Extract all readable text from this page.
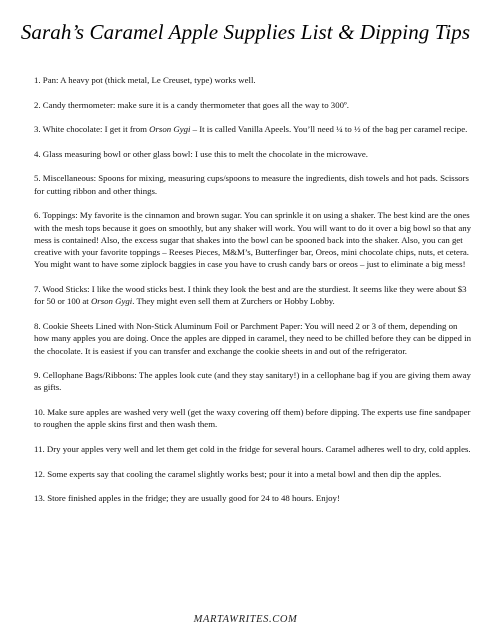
Sarah’s Caramel Apple Supplies List & Dipping Tips

1. Pan: A heavy pot (thick metal, Le Creuset, type) works well.

2. Candy thermometer: make sure it is a candy thermometer that goes all the way to 300º.

3. White chocolate: I get it from Orson Gygi – It is called Vanilla Apeels. You’ll need ¼ to ½ of the bag per caramel recipe.

4. Glass measuring bowl or other glass bowl: I use this to melt the chocolate in the microwave.

5. Miscellaneous: Spoons for mixing, measuring cups/spoons to measure the ingredients, dish towels and hot pads. Scissors for cutting ribbon and other things.

6. Toppings: My favorite is the cinnamon and brown sugar. You can sprinkle it on using a shaker. The best kind are the ones with the mesh tops because it goes on smoothly, but any shaker will work. You will want to do it over a big bowl so that any mess is contained! Also, the excess sugar that shakes into the bowl can be spooned back into the shaker. Also, you can get creative with your favorite toppings – Reeses Pieces, M&M’s, Butterfinger bar, Oreos, mini chocolate chips, nuts, et cetera. You might want to have some ziplock baggies in case you have to crush candy bars or oreos – just to eliminate a big mess!

7. Wood Sticks: I like the wood sticks best. I think they look the best and are the sturdiest. It seems like they were about $3 for 50 or 100 at Orson Gygi. They might even sell them at Zurchers or Hobby Lobby.

8. Cookie Sheets Lined with Non-Stick Aluminum Foil or Parchment Paper: You will need 2 or 3 of them, depending on how many apples you are doing. Once the apples are dipped in caramel, they need to be chilled before they can be dipped in the chocolate. It is easiest if you can transfer and exchange the cookie sheets in and out of the refrigerator.

9. Cellophane Bags/Ribbons: The apples look cute (and they stay sanitary!) in a cellophane bag if you are giving them away as gifts.

10. Make sure apples are washed very well (get the waxy covering off them) before dipping. The experts use fine sandpaper to roughen the apple skins first and then wash them.

11. Dry your apples very well and let them get cold in the fridge for several hours. Caramel adheres well to dry, cold apples.

12. Some experts say that cooling the caramel slightly works best; pour it into a metal bowl and then dip the apples.

13. Store finished apples in the fridge; they are usually good for 24 to 48 hours. Enjoy!

MARTAWRITES.COM
